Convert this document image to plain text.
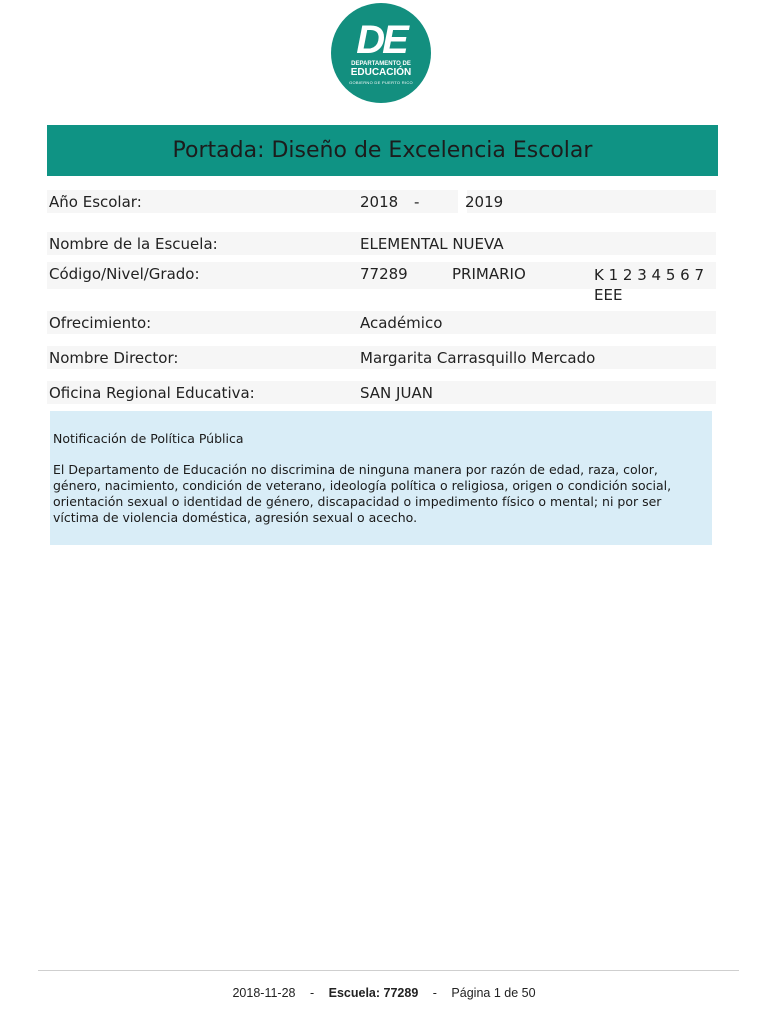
DE
DEPARTAMENTO DE
EDUCACIÓN
GOBIERNO DE PUERTO RICO
Portada: Diseño de Excelencia Escolar
Año Escolar:	2018 -	2019
Nombre de la Escuela:	ELEMENTAL NUEVA
Código/Nivel/Grado:	77289	PRIMARIO	K 1 2 3 4 5 6 7
EEE
Ofrecimiento:	Académico
Nombre Director:	Margarita Carrasquillo Mercado
Oficina Regional Educativa:	SAN JUAN
Notificación de Política Pública
El Departamento de Educación no discrimina de ninguna manera por razón de edad, raza, color, género, nacimiento, condición de veterano, ideología política o religiosa, origen o condición social, orientación sexual o identidad de género, discapacidad o impedimento físico o mental; ni por ser víctima de violencia doméstica, agresión sexual o acecho.
2018-11-28 - Escuela: 77289 - Página 1 de 50
